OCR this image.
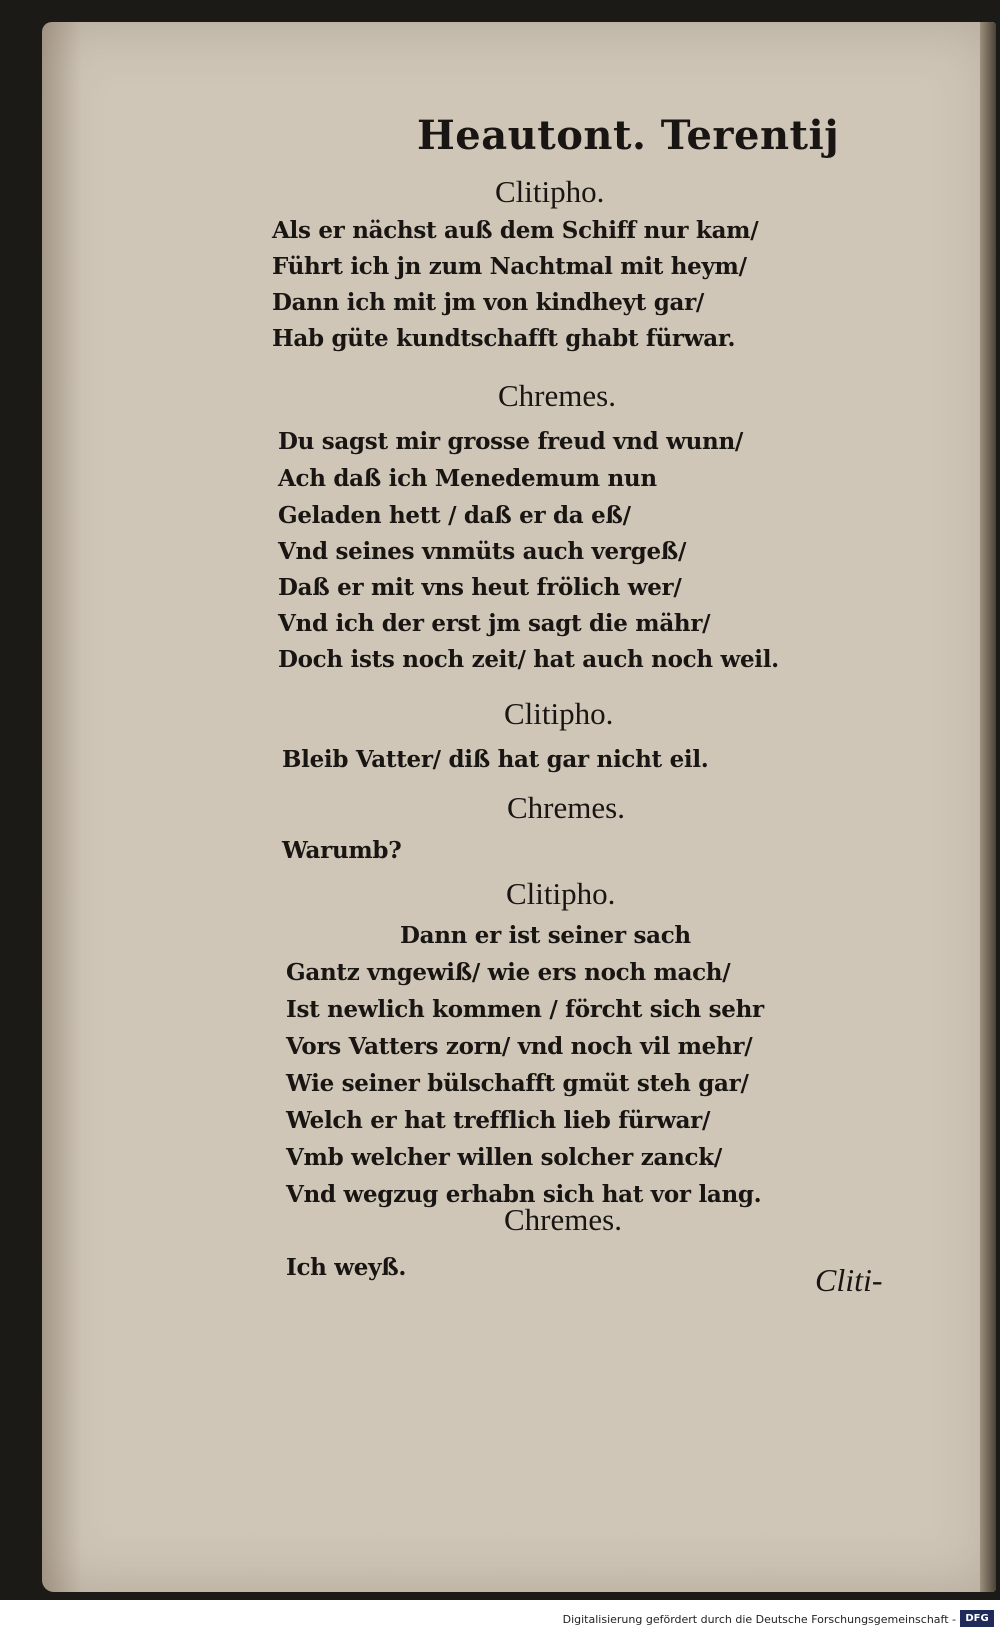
Heautont. Terentij
Clitipho.
Als er nächst auß dem Schiff nur kam/
Führt ich jn zum Nachtmal mit heym/
Dann ich mit jm von kindheyt gar/
Hab güte kundtschafft ghabt fürwar.
Chremes.
Du sagst mir grosse freud vnd wunn/
Ach daß ich Menedemum nun
Geladen hett / daß er da eß/
Vnd seines vnmüts auch vergeß/
Daß er mit vns heut frölich wer/
Vnd ich der erst jm sagt die mähr/
Doch ists noch zeit/ hat auch noch weil.
Clitipho.
Bleib Vatter/ diß hat gar nicht eil.
Chremes.
Warumb?
Clitipho.
Dann er ist seiner sach
Gantz vngewiß/ wie ers noch mach/
Ist newlich kommen / förcht sich sehr
Vors Vatters zorn/ vnd noch vil mehr/
Wie seiner bülschafft gmüt steh gar/
Welch er hat trefflich lieb fürwar/
Vmb welcher willen solcher zanck/
Vnd wegzug erhabn sich hat vor lang.
Chremes.
Ich weyß.	Cliti-
Digitalisierung gefördert durch die Deutsche Forschungsgemeinschaft - DFG
